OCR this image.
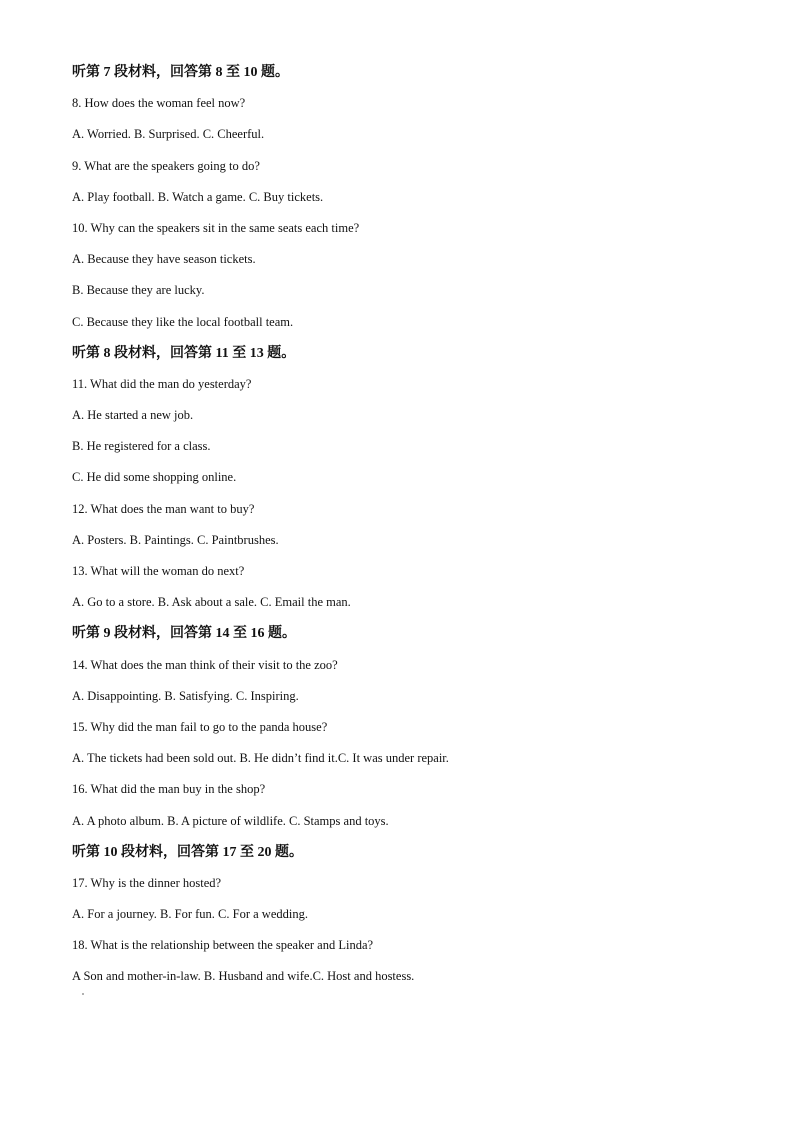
听第 7 段材料，回答第 8 至 10 题。
8. How does the woman feel now?
A. Worried. B. Surprised. C. Cheerful.
9. What are the speakers going to do?
A. Play football. B. Watch a game. C. Buy tickets.
10. Why can the speakers sit in the same seats each time?
A. Because they have season tickets.
B. Because they are lucky.
C. Because they like the local football team.
听第 8 段材料，回答第 11 至 13 题。
11. What did the man do yesterday?
A. He started a new job.
B. He registered for a class.
C. He did some shopping online.
12. What does the man want to buy?
A. Posters. B. Paintings. C. Paintbrushes.
13. What will the woman do next?
A. Go to a store. B. Ask about a sale. C. Email the man.
听第 9 段材料，回答第 14 至 16 题。
14. What does the man think of their visit to the zoo?
A. Disappointing. B. Satisfying. C. Inspiring.
15. Why did the man fail to go to the panda house?
A. The tickets had been sold out. B. He didn’t find it.C. It was under repair.
16. What did the man buy in the shop?
A. A photo album. B. A picture of wildlife. C. Stamps and toys.
听第 10 段材料，回答第 17 至 20 题。
17. Why is the dinner hosted?
A. For a journey. B. For fun. C. For a wedding.
18. What is the relationship between the speaker and Linda?
A Son and mother-in-law. B. Husband and wife.C. Host and hostess.
